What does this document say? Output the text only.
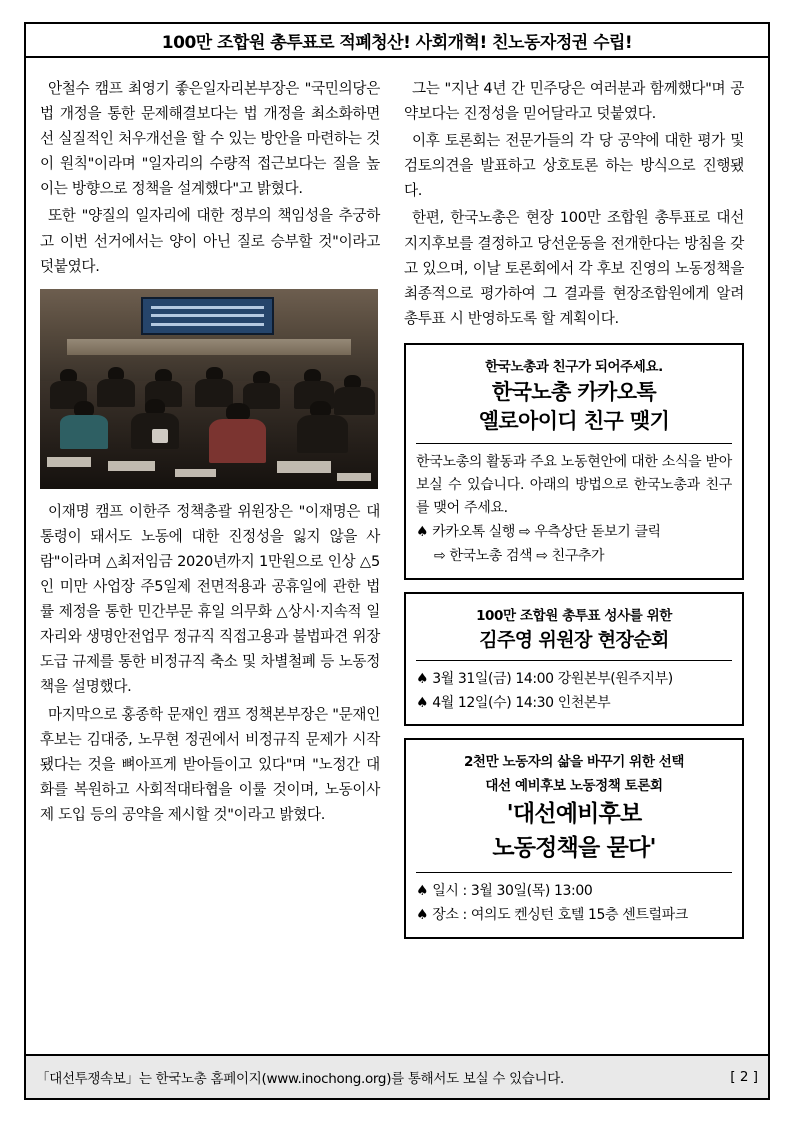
100만 조합원 총투표로 적폐청산! 사회개혁! 친노동자정권 수립!

안철수 캠프 최영기 좋은일자리본부장은 "국민의당은 법 개정을 통한 문제해결보다는 법 개정을 최소화하면선 실질적인 처우개선을 할 수 있는 방안을 마련하는 것이 원칙"이라며 "일자리의 수량적 접근보다는 질을 높이는 방향으로 정책을 설계했다"고 밝혔다.

또한 "양질의 일자리에 대한 정부의 책임성을 추궁하고 이번 선거에서는 양이 아닌 질로 승부할 것"이라고 덧붙였다.

이재명 캠프 이한주 정책총괄 위원장은 "이재명은 대통령이 돼서도 노동에 대한 진정성을 잃지 않을 사람"이라며 △최저임금 2020년까지 1만원으로 인상 △5인 미만 사업장 주5일제 전면적용과 공휴일에 관한 법률 제정을 통한 민간부문 휴일 의무화 △상시·지속적 일자리와 생명안전업무 정규직 직접고용과 불법파견 위장도급 규제를 통한 비정규직 축소 및 차별철폐 등 노동정책을 설명했다.

마지막으로 홍종학 문재인 캠프 정책본부장은 "문재인 후보는 김대중, 노무현 정권에서 비정규직 문제가 시작됐다는 것을 뼈아프게 받아들이고 있다"며 "노정간 대화를 복원하고 사회적대타협을 이룰 것이며, 노동이사제 도입 등의 공약을 제시할 것"이라고 밝혔다.

그는 "지난 4년 간 민주당은 여러분과 함께했다"며 공약보다는 진정성을 믿어달라고 덧붙였다.

이후 토론회는 전문가들의 각 당 공약에 대한 평가 및 검토의견을 발표하고 상호토론 하는 방식으로 진행됐다.

한편, 한국노총은 현장 100만 조합원 총투표로 대선지지후보를 결정하고 당선운동을 전개한다는 방침을 갖고 있으며, 이날 토론회에서 각 후보 진영의 노동정책을 최종적으로 평가하여 그 결과를 현장조합원에게 알려 총투표 시 반영하도록 할 계획이다.

한국노총과 친구가 되어주세요.
한국노총 카카오톡
옐로아이디 친구 맺기

한국노총의 활동과 주요 노동현안에 대한 소식을 받아보실 수 있습니다. 아래의 방법으로 한국노총과 친구를 맺어 주세요.

♠ 카카오톡 실행 ⇨ 우측상단 돋보기 클릭
⇨ 한국노총 검색 ⇨ 친구추가
100만 조합원 총투표 성사를 위한
김주영 위원장 현장순회
♠ 3월 31일(금) 14:00 강원본부(원주지부)
♠ 4월 12일(수) 14:30 인천본부
2천만 노동자의 삶을 바꾸기 위한 선택
대선 예비후보 노동정책 토론회
'대선예비후보
노동정책을 묻다'
♠ 일시 : 3월 30일(목) 13:00
♠ 장소 : 여의도 켄싱턴 호텔 15층 센트럴파크
「대선투쟁속보」는 한국노총 홈페이지(www.inochong.org)를 통해서도 보실 수 있습니다.	[ 2 ]
